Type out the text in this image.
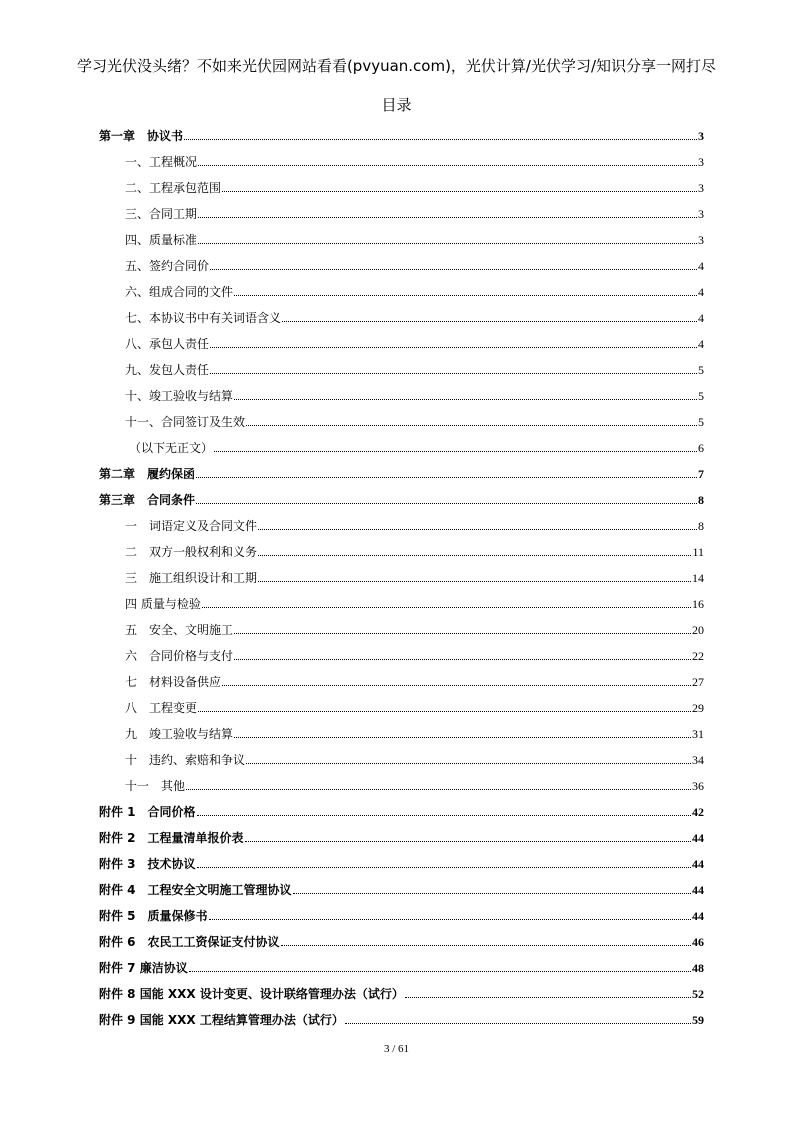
学习光伏没头绪？不如来光伏园网站看看(pvyuan.com)，光伏计算/光伏学习/知识分享一网打尽
目录
第一章　协议书	3
一、工程概况	3
二、工程承包范围	3
三、合同工期	3
四、质量标准	3
五、签约合同价	4
六、组成合同的文件	4
七、本协议书中有关词语含义	4
八、承包人责任	4
九、发包人责任	5
十、竣工验收与结算	5
十一、合同签订及生效	5
（以下无正文）	6
第二章　履约保函	7
第三章　合同条件	8
一　词语定义及合同文件	8
二　双方一般权利和义务	11
三　施工组织设计和工期	14
四 质量与检验	16
五　安全、文明施工	20
六　合同价格与支付	22
七　材料设备供应	27
八　工程变更	29
九　竣工验收与结算	31
十　违约、索赔和争议	34
十一　其他	36
附件 1　合同价格	42
附件 2　工程量清单报价表	44
附件 3　技术协议	44
附件 4　工程安全文明施工管理协议	44
附件 5　质量保修书	44
附件 6　农民工工资保证支付协议	46
附件 7 廉洁协议	48
附件 8 国能 XXX 设计变更、设计联络管理办法（试行）	52
附件 9 国能 XXX 工程结算管理办法（试行）	59
3 / 61
